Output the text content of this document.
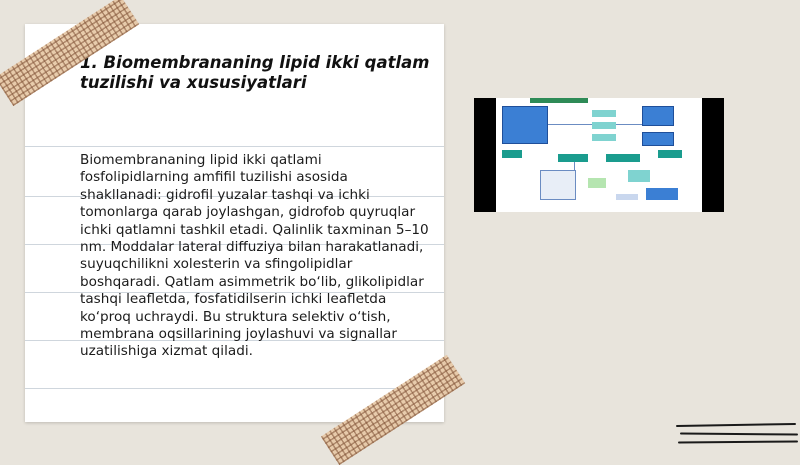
1. Biomembrananing lipid ikki qatlam tuzilishi va xususiyatlari

Biomembrananing lipid ikki qatlami fosfolipidlarning amfifil tuzilishi asosida shakllanadi: gidrofil yuzalar tashqi va ichki tomonlarga qarab joylashgan, gidrofob quyruqlar ichki qatlamni tashkil etadi. Qalinlik taxminan 5–10 nm. Moddalar lateral diffuziya bilan harakatlanadi, suyuqchilikni xolesterin va sfingolipidlar boshqaradi. Qatlam asimmetrik bo‘lib, glikolipidlar tashqi leafletda, fosfatidilserin ichki leafletda ko‘proq uchraydi. Bu struktura selektiv o‘tish, membrana oqsillarining joylashuvi va signallar uzatilishiga xizmat qiladi.
